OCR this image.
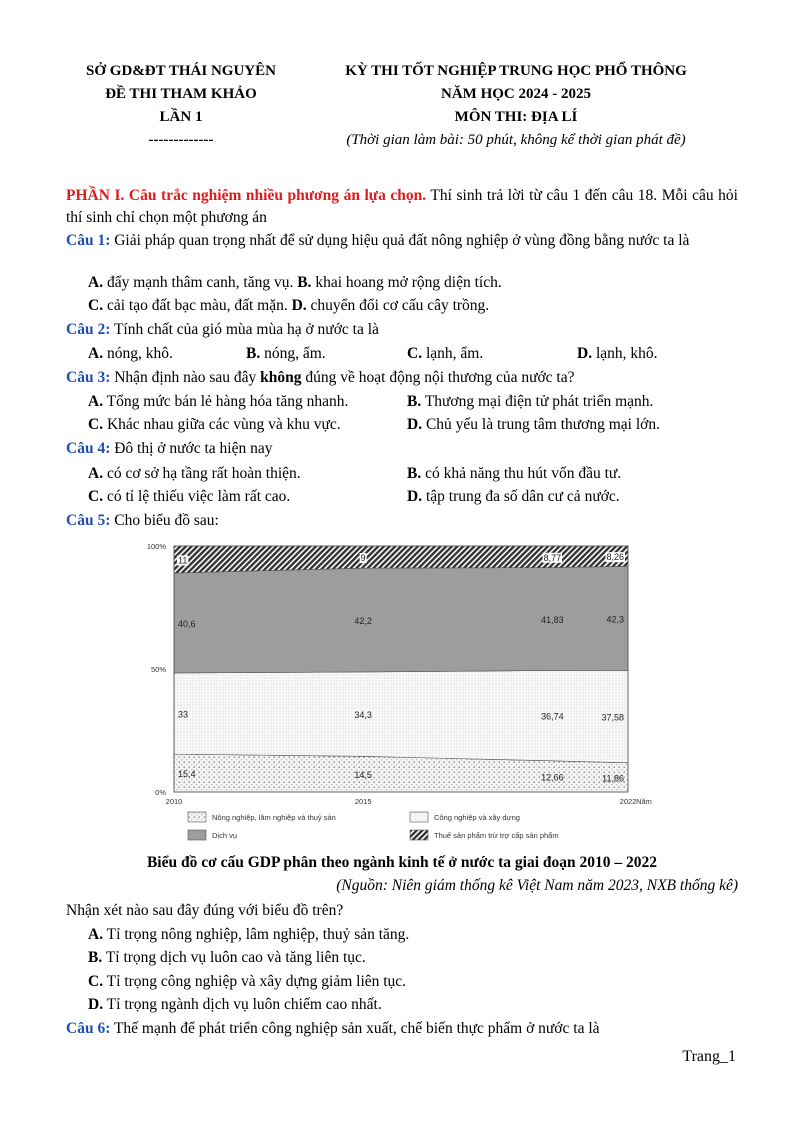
SỞ GD&ĐT THÁI NGUYÊN
ĐỀ THI THAM KHẢO
LẦN 1
-------------
KỲ THI TỐT NGHIỆP TRUNG HỌC PHỔ THÔNG
NĂM HỌC 2024 - 2025
MÔN THI: ĐỊA LÍ
(Thời gian làm bài: 50 phút, không kể thời gian phát đề)
PHẦN I. Câu trắc nghiệm nhiều phương án lựa chọn. Thí sinh trả lời từ câu 1 đến câu 18. Mỗi câu hỏi thí sinh chỉ chọn một phương án
Câu 1: Giải pháp quan trọng nhất để sử dụng hiệu quả đất nông nghiệp ở vùng đồng bằng nước ta là
A. đẩy mạnh thâm canh, tăng vụ. B. khai hoang mở rộng diện tích.
C. cải tạo đất bạc màu, đất mặn. D. chuyển đổi cơ cấu cây trồng.
Câu 2: Tính chất của gió mùa mùa hạ ở nước ta là
A. nóng, khô.	B. nóng, ẩm.	C. lạnh, ẩm.	D. lạnh, khô.
Câu 3: Nhận định nào sau đây không đúng về hoạt động nội thương của nước ta?
A. Tổng mức bán lẻ hàng hóa tăng nhanh.	B. Thương mại điện tử phát triển mạnh.
C. Khác nhau giữa các vùng và khu vực.	D. Chủ yếu là trung tâm thương mại lớn.
Câu 4: Đô thị ở nước ta hiện nay
A. có cơ sở hạ tầng rất hoàn thiện.	B. có khả năng thu hút vốn đầu tư.
C. có tỉ lệ thiếu việc làm rất cao.	D. tập trung đa số dân cư cả nước.
Câu 5: Cho biểu đồ sau:
15,4	14,5	12,66	11,86
33	34,3	36,74	37,58
40,6	42,2	41,83	42,3
11	9	8,77	8,26
0%
50%
100%
2010	2015	2022 Năm
Nông nghiệp, lâm nghiệp và thuỷ sản	Công nghiệp và xây dựng
Dịch vụ	Thuế sản phẩm trừ trợ cấp sản phẩm
Biểu đồ cơ cấu GDP phân theo ngành kinh tế ở nước ta giai đoạn 2010 – 2022
(Nguồn: Niên giám thống kê Việt Nam năm 2023, NXB thống kê)
Nhận xét nào sau đây đúng với biểu đồ trên?
A. Tỉ trọng nông nghiệp, lâm nghiệp, thuỷ sản tăng.
B. Tỉ trọng dịch vụ luôn cao và tăng liên tục.
C. Tỉ trọng công nghiệp và xây dựng giảm liên tục.
D. Tỉ trọng ngành dịch vụ luôn chiếm cao nhất.
Câu 6: Thế mạnh để phát triển công nghiệp sản xuất, chế biến thực phẩm ở nước ta là
Trang_1
